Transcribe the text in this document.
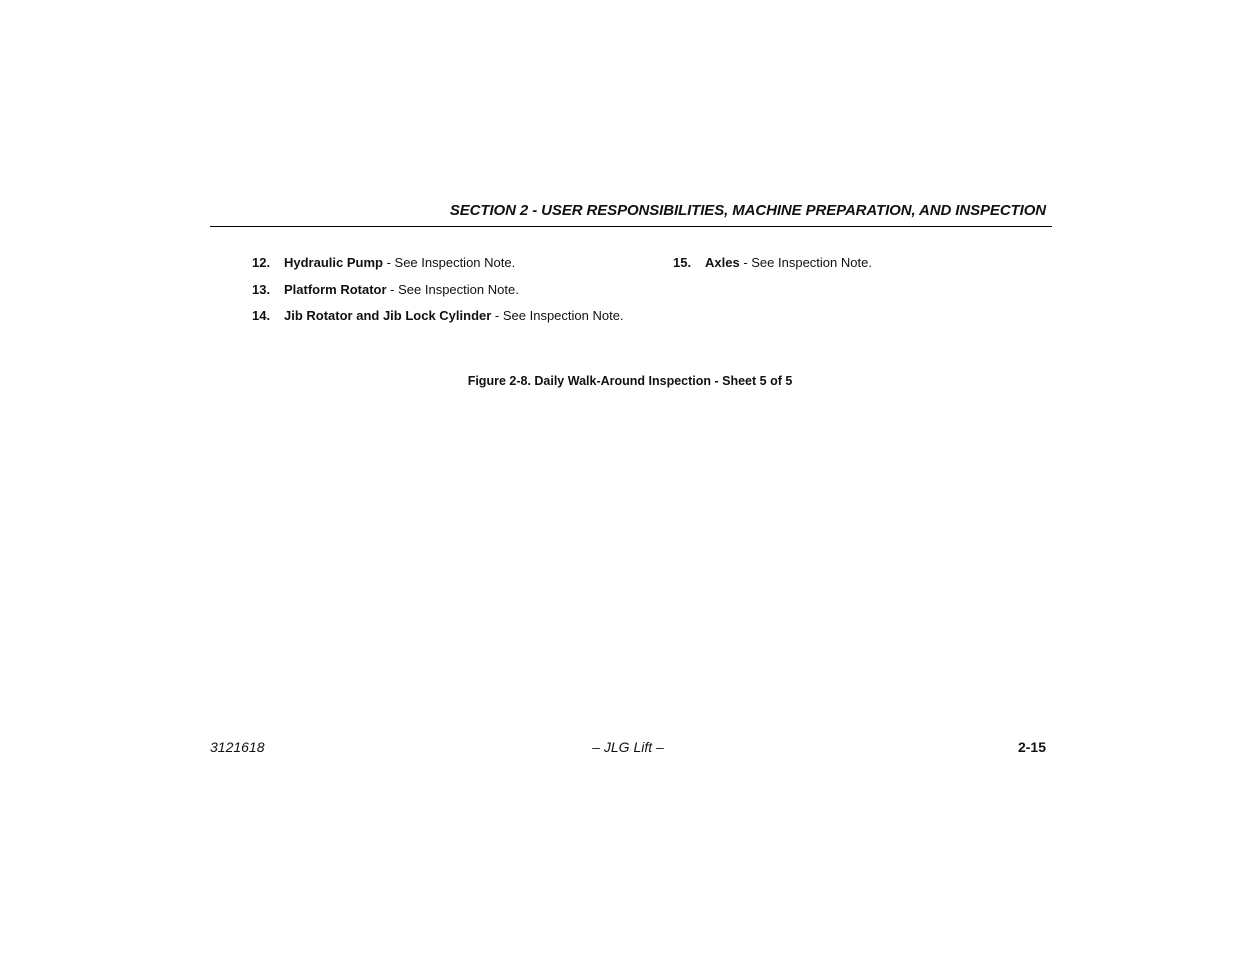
SECTION 2 - USER RESPONSIBILITIES, MACHINE PREPARATION, AND INSPECTION
12. Hydraulic Pump - See Inspection Note.
13. Platform Rotator - See Inspection Note.
14. Jib Rotator and Jib Lock Cylinder - See Inspection Note.
15. Axles - See Inspection Note.
Figure 2-8. Daily Walk-Around Inspection - Sheet 5 of 5
3121618	– JLG Lift –	2-15
